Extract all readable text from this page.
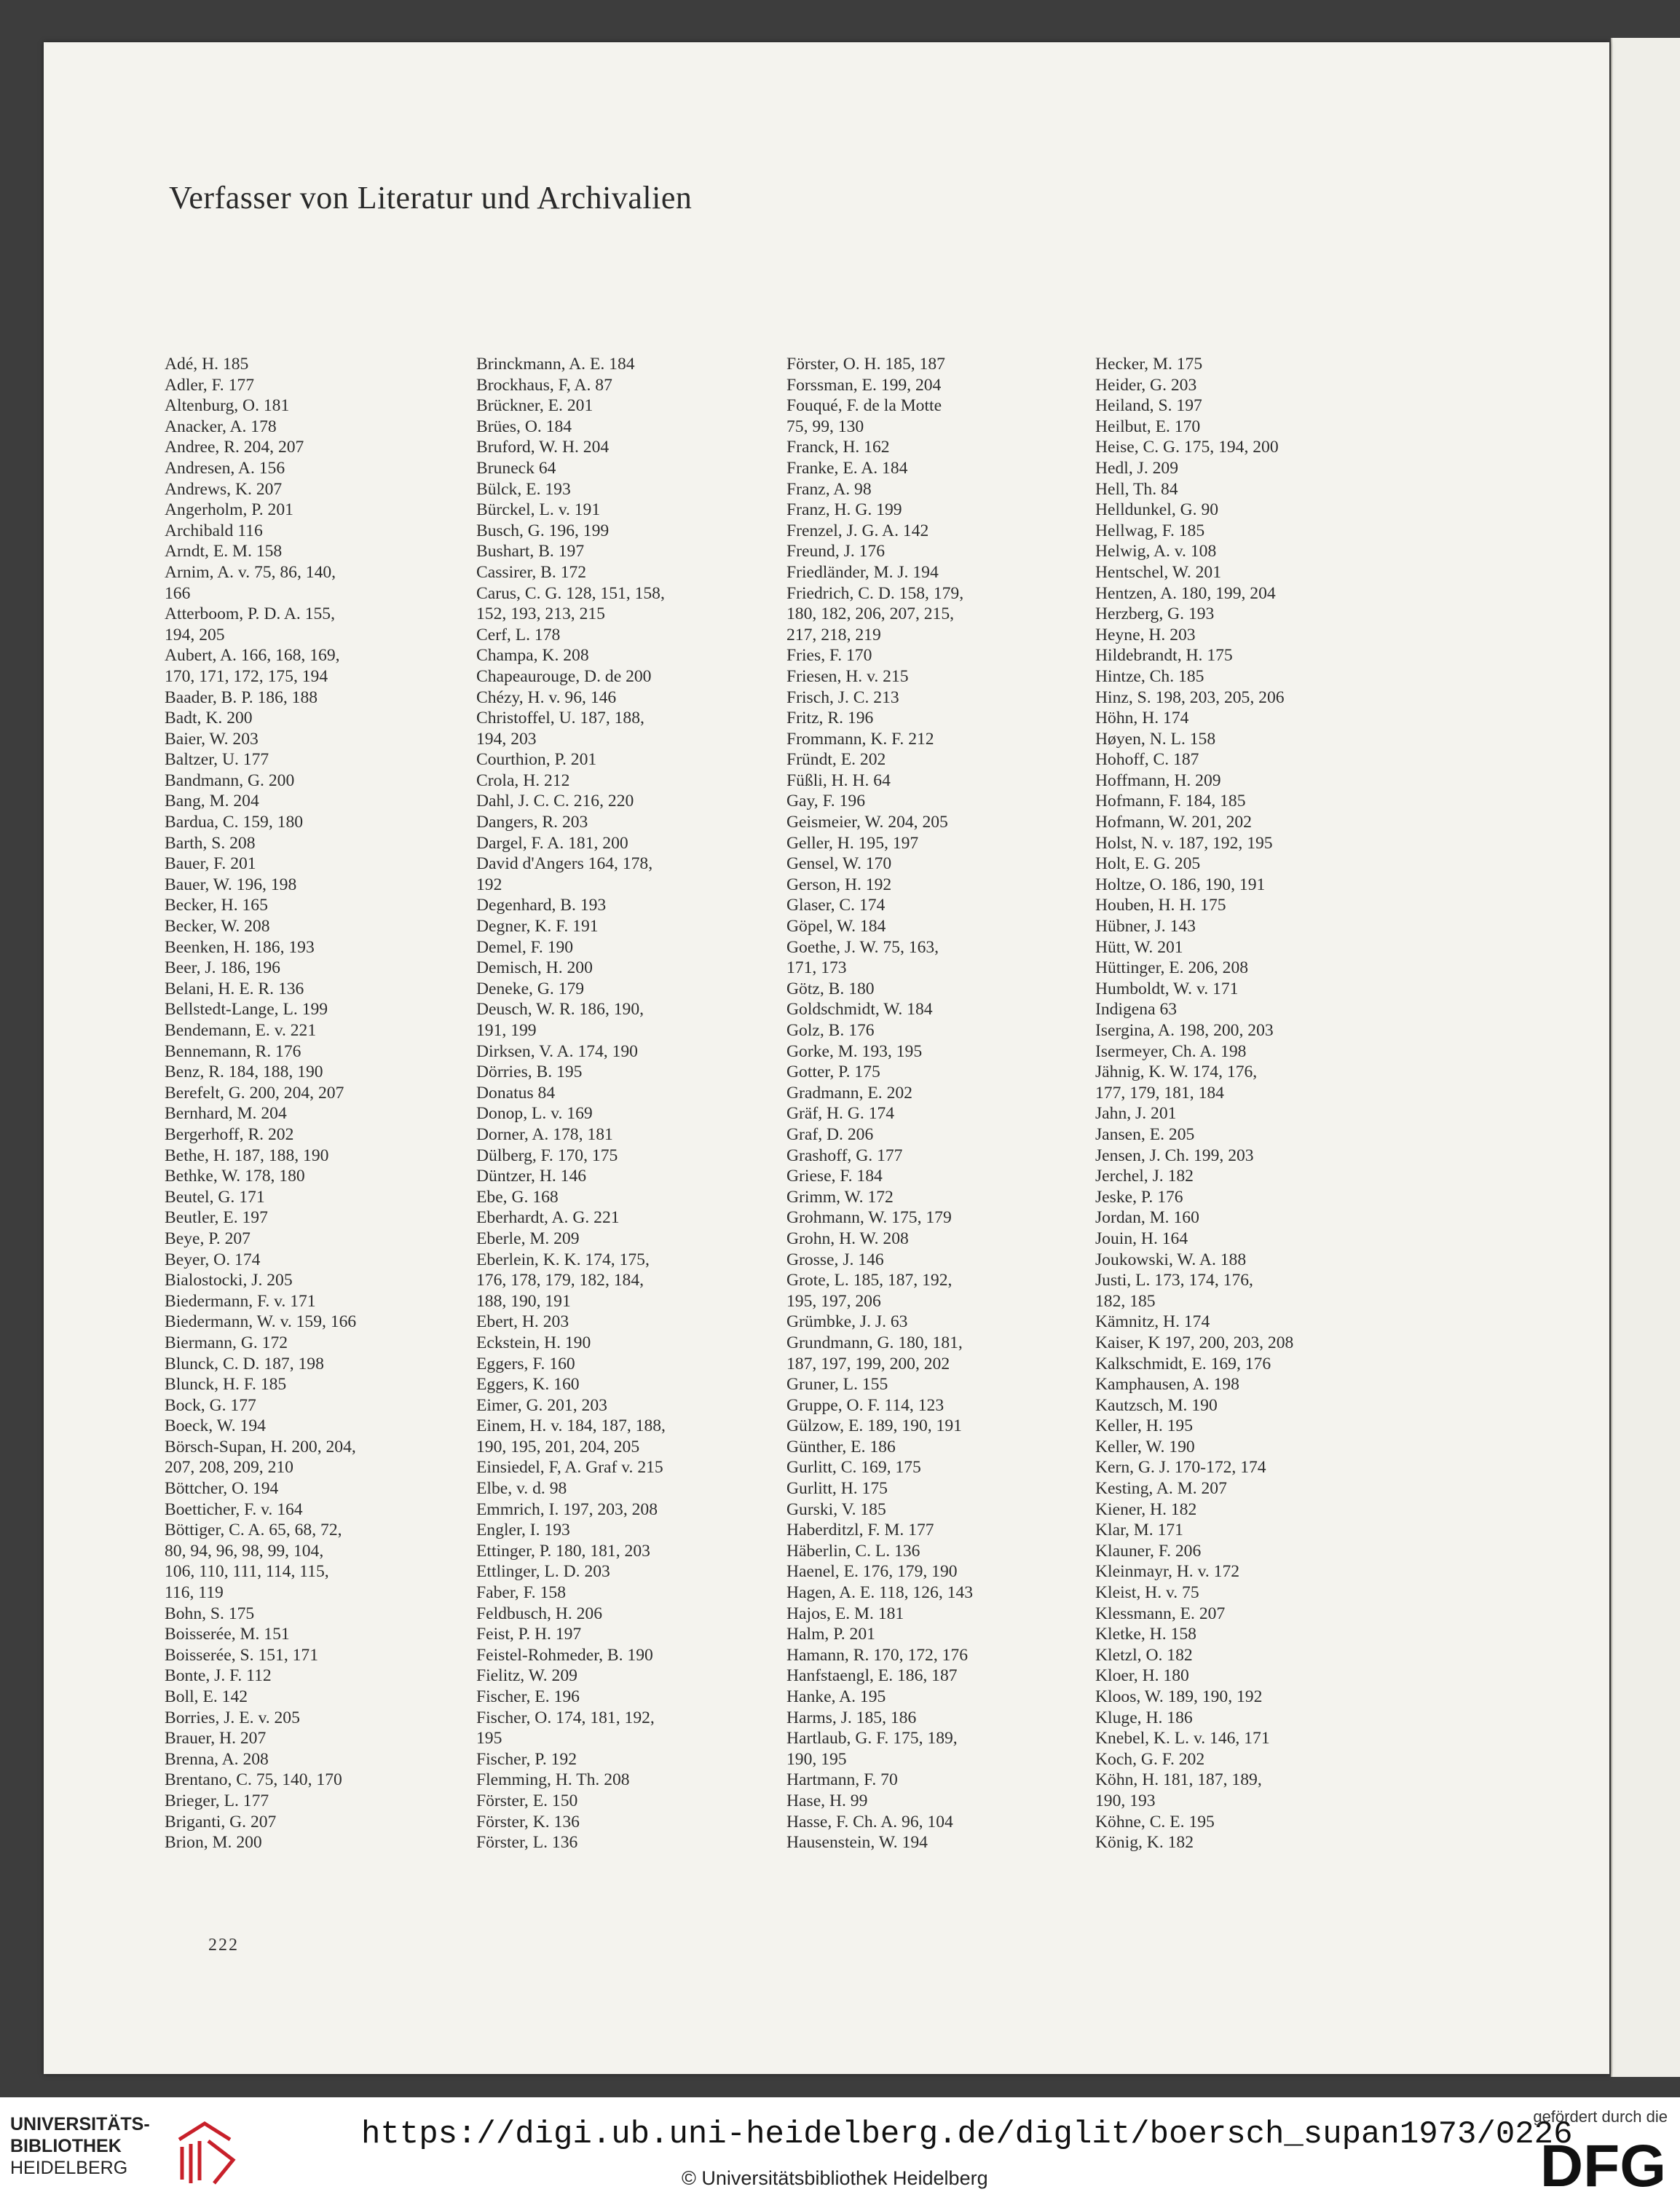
Verfasser von Literatur und Archivalien
Adé, H. 185
Adler, F. 177
Altenburg, O. 181
Anacker, A. 178
Andree, R. 204, 207
Andresen, A. 156
Andrews, K. 207
Angerholm, P. 201
Archibald 116
Arndt, E. M. 158
Arnim, A. v. 75, 86, 140,
166
Atterboom, P. D. A. 155,
194, 205
Aubert, A. 166, 168, 169,
170, 171, 172, 175, 194
Baader, B. P. 186, 188
Badt, K. 200
Baier, W. 203
Baltzer, U. 177
Bandmann, G. 200
Bang, M. 204
Bardua, C. 159, 180
Barth, S. 208
Bauer, F. 201
Bauer, W. 196, 198
Becker, H. 165
Becker, W. 208
Beenken, H. 186, 193
Beer, J. 186, 196
Belani, H. E. R. 136
Bellstedt-Lange, L. 199
Bendemann, E. v. 221
Bennemann, R. 176
Benz, R. 184, 188, 190
Berefelt, G. 200, 204, 207
Bernhard, M. 204
Bergerhoff, R. 202
Bethe, H. 187, 188, 190
Bethke, W. 178, 180
Beutel, G. 171
Beutler, E. 197
Beye, P. 207
Beyer, O. 174
Bialostocki, J. 205
Biedermann, F. v. 171
Biedermann, W. v. 159, 166
Biermann, G. 172
Blunck, C. D. 187, 198
Blunck, H. F. 185
Bock, G. 177
Boeck, W. 194
Börsch-Supan, H. 200, 204,
207, 208, 209, 210
Böttcher, O. 194
Boetticher, F. v. 164
Böttiger, C. A. 65, 68, 72,
80, 94, 96, 98, 99, 104,
106, 110, 111, 114, 115,
116, 119
Bohn, S. 175
Boisserée, M. 151
Boisserée, S. 151, 171
Bonte, J. F. 112
Boll, E. 142
Borries, J. E. v. 205
Brauer, H. 207
Brenna, A. 208
Brentano, C. 75, 140, 170
Brieger, L. 177
Briganti, G. 207
Brion, M. 200
Brinckmann, A. E. 184
Brockhaus, F, A. 87
Brückner, E. 201
Brües, O. 184
Bruford, W. H. 204
Bruneck 64
Bülck, E. 193
Bürckel, L. v. 191
Busch, G. 196, 199
Bushart, B. 197
Cassirer, B. 172
Carus, C. G. 128, 151, 158,
152, 193, 213, 215
Cerf, L. 178
Champa, K. 208
Chapeaurouge, D. de 200
Chézy, H. v. 96, 146
Christoffel, U. 187, 188,
194, 203
Courthion, P. 201
Crola, H. 212
Dahl, J. C. C. 216, 220
Dangers, R. 203
Dargel, F. A. 181, 200
David d'Angers 164, 178,
192
Degenhard, B. 193
Degner, K. F. 191
Demel, F. 190
Demisch, H. 200
Deneke, G. 179
Deusch, W. R. 186, 190,
191, 199
Dirksen, V. A. 174, 190
Dörries, B. 195
Donatus 84
Donop, L. v. 169
Dorner, A. 178, 181
Dülberg, F. 170, 175
Düntzer, H. 146
Ebe, G. 168
Eberhardt, A. G. 221
Eberle, M. 209
Eberlein, K. K. 174, 175,
176, 178, 179, 182, 184,
188, 190, 191
Ebert, H. 203
Eckstein, H. 190
Eggers, F. 160
Eggers, K. 160
Eimer, G. 201, 203
Einem, H. v. 184, 187, 188,
190, 195, 201, 204, 205
Einsiedel, F, A. Graf v. 215
Elbe, v. d. 98
Emmrich, I. 197, 203, 208
Engler, I. 193
Ettinger, P. 180, 181, 203
Ettlinger, L. D. 203
Faber, F. 158
Feldbusch, H. 206
Feist, P. H. 197
Feistel-Rohmeder, B. 190
Fielitz, W. 209
Fischer, E. 196
Fischer, O. 174, 181, 192,
195
Fischer, P. 192
Flemming, H. Th. 208
Förster, E. 150
Förster, K. 136
Förster, L. 136
Förster, O. H. 185, 187
Forssman, E. 199, 204
Fouqué, F. de la Motte
75, 99, 130
Franck, H. 162
Franke, E. A. 184
Franz, A. 98
Franz, H. G. 199
Frenzel, J. G. A. 142
Freund, J. 176
Friedländer, M. J. 194
Friedrich, C. D. 158, 179,
180, 182, 206, 207, 215,
217, 218, 219
Fries, F. 170
Friesen, H. v. 215
Frisch, J. C. 213
Fritz, R. 196
Frommann, K. F. 212
Fründt, E. 202
Füßli, H. H. 64
Gay, F. 196
Geismeier, W. 204, 205
Geller, H. 195, 197
Gensel, W. 170
Gerson, H. 192
Glaser, C. 174
Göpel, W. 184
Goethe, J. W. 75, 163,
171, 173
Götz, B. 180
Goldschmidt, W. 184
Golz, B. 176
Gorke, M. 193, 195
Gotter, P. 175
Gradmann, E. 202
Gräf, H. G. 174
Graf, D. 206
Grashoff, G. 177
Griese, F. 184
Grimm, W. 172
Grohmann, W. 175, 179
Grohn, H. W. 208
Grosse, J. 146
Grote, L. 185, 187, 192,
195, 197, 206
Grümbke, J. J. 63
Grundmann, G. 180, 181,
187, 197, 199, 200, 202
Gruner, L. 155
Gruppe, O. F. 114, 123
Gülzow, E. 189, 190, 191
Günther, E. 186
Gurlitt, C. 169, 175
Gurlitt, H. 175
Gurski, V. 185
Haberditzl, F. M. 177
Häberlin, C. L. 136
Haenel, E. 176, 179, 190
Hagen, A. E. 118, 126, 143
Hajos, E. M. 181
Halm, P. 201
Hamann, R. 170, 172, 176
Hanfstaengl, E. 186, 187
Hanke, A. 195
Harms, J. 185, 186
Hartlaub, G. F. 175, 189,
190, 195
Hartmann, F. 70
Hase, H. 99
Hasse, F. Ch. A. 96, 104
Hausenstein, W. 194
Hecker, M. 175
Heider, G. 203
Heiland, S. 197
Heilbut, E. 170
Heise, C. G. 175, 194, 200
Hedl, J. 209
Hell, Th. 84
Helldunkel, G. 90
Hellwag, F. 185
Helwig, A. v. 108
Hentschel, W. 201
Hentzen, A. 180, 199, 204
Herzberg, G. 193
Heyne, H. 203
Hildebrandt, H. 175
Hintze, Ch. 185
Hinz, S. 198, 203, 205, 206
Höhn, H. 174
Høyen, N. L. 158
Hohoff, C. 187
Hoffmann, H. 209
Hofmann, F. 184, 185
Hofmann, W. 201, 202
Holst, N. v. 187, 192, 195
Holt, E. G. 205
Holtze, O. 186, 190, 191
Houben, H. H. 175
Hübner, J. 143
Hütt, W. 201
Hüttinger, E. 206, 208
Humboldt, W. v. 171
Indigena 63
Isergina, A. 198, 200, 203
Isermeyer, Ch. A. 198
Jähnig, K. W. 174, 176,
177, 179, 181, 184
Jahn, J. 201
Jansen, E. 205
Jensen, J. Ch. 199, 203
Jerchel, J. 182
Jeske, P. 176
Jordan, M. 160
Jouin, H. 164
Joukowski, W. A. 188
Justi, L. 173, 174, 176,
182, 185
Kämnitz, H. 174
Kaiser, K 197, 200, 203, 208
Kalkschmidt, E. 169, 176
Kamphausen, A. 198
Kautzsch, M. 190
Keller, H. 195
Keller, W. 190
Kern, G. J. 170-172, 174
Kesting, A. M. 207
Kiener, H. 182
Klar, M. 171
Klauner, F. 206
Kleinmayr, H. v. 172
Kleist, H. v. 75
Klessmann, E. 207
Kletke, H. 158
Kletzl, O. 182
Kloer, H. 180
Kloos, W. 189, 190, 192
Kluge, H. 186
Knebel, K. L. v. 146, 171
Koch, G. F. 202
Köhn, H. 181, 187, 189,
190, 193
Köhne, C. E. 195
König, K. 182
222
UNIVERSITÄTS-
BIBLIOTHEK
HEIDELBERG
https://digi.ub.uni-heidelberg.de/diglit/boersch_supan1973/0226
© Universitätsbibliothek Heidelberg
gefördert durch die
DFG
